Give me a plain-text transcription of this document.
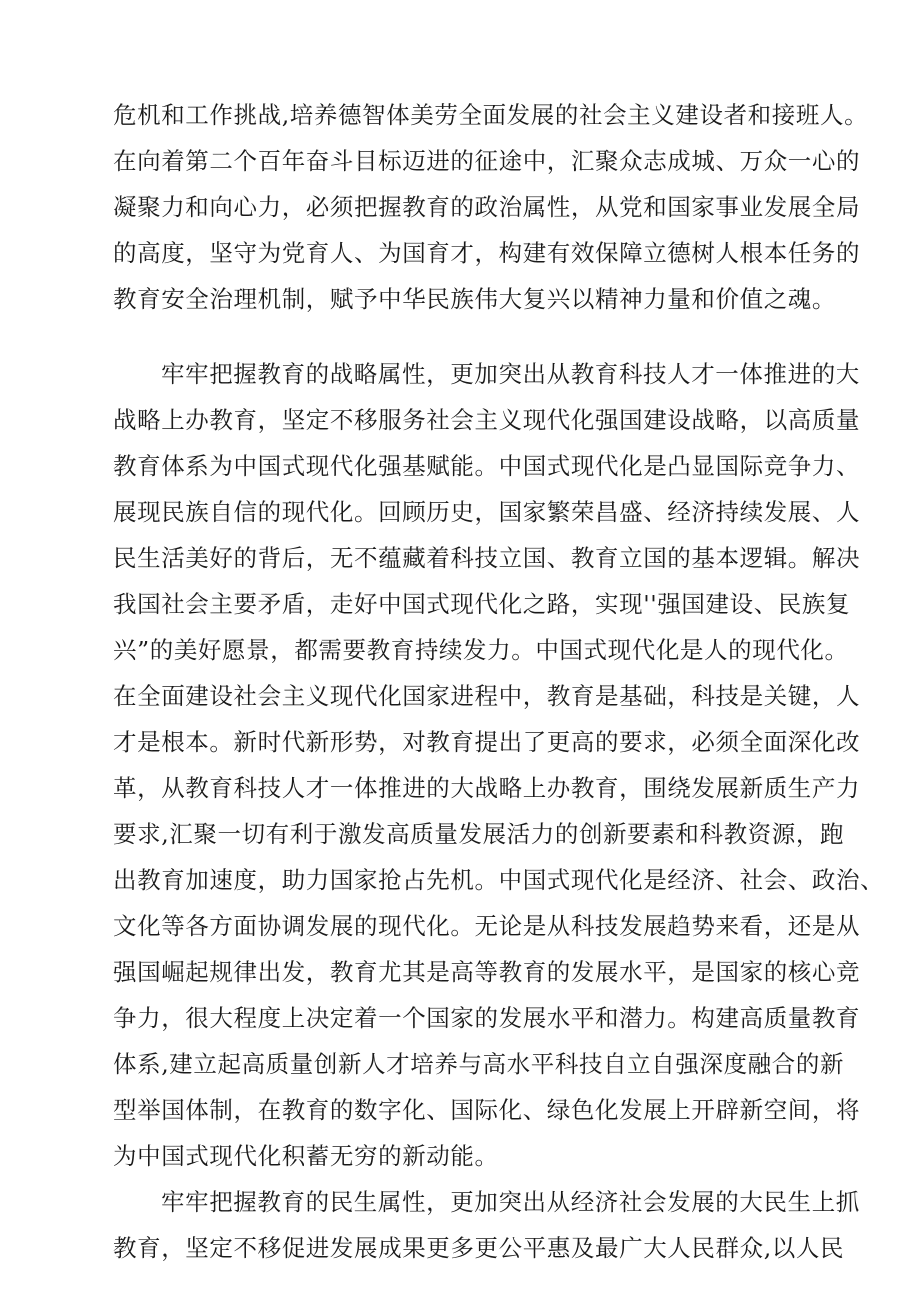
危机和工作挑战,培养德智体美劳全面发展的社会主义建设者和接班人。
在向着第二个百年奋斗目标迈进的征途中，汇聚众志成城、万众一心的
凝聚力和向心力，必须把握教育的政治属性，从党和国家事业发展全局
的高度，坚守为党育人、为国育才，构建有效保障立德树人根本任务的
教育安全治理机制，赋予中华民族伟大复兴以精神力量和价值之魂。
牢牢把握教育的战略属性，更加突出从教育科技人才一体推进的大
战略上办教育，坚定不移服务社会主义现代化强国建设战略，以高质量
教育体系为中国式现代化强基赋能。中国式现代化是凸显国际竞争力、
展现民族自信的现代化。回顾历史，国家繁荣昌盛、经济持续发展、人
民生活美好的背后，无不蕴藏着科技立国、教育立国的基本逻辑。解决
我国社会主要矛盾，走好中国式现代化之路，实现''强国建设、民族复
兴”的美好愿景，都需要教育持续发力。中国式现代化是人的现代化。
在全面建设社会主义现代化国家进程中，教育是基础，科技是关键，人
才是根本。新时代新形势，对教育提出了更高的要求，必须全面深化改
革，从教育科技人才一体推进的大战略上办教育，围绕发展新质生产力
要求,汇聚一切有利于激发高质量发展活力的创新要素和科教资源，跑
出教育加速度，助力国家抢占先机。中国式现代化是经济、社会、政治、
文化等各方面协调发展的现代化。无论是从科技发展趋势来看，还是从
强国崛起规律出发，教育尤其是高等教育的发展水平，是国家的核心竞
争力，很大程度上决定着一个国家的发展水平和潜力。构建高质量教育
体系,建立起高质量创新人才培养与高水平科技自立自强深度融合的新
型举国体制，在教育的数字化、国际化、绿色化发展上开辟新空间，将
为中国式现代化积蓄无穷的新动能。
牢牢把握教育的民生属性，更加突出从经济社会发展的大民生上抓
教育，坚定不移促进发展成果更多更公平惠及最广大人民群众,以人民
